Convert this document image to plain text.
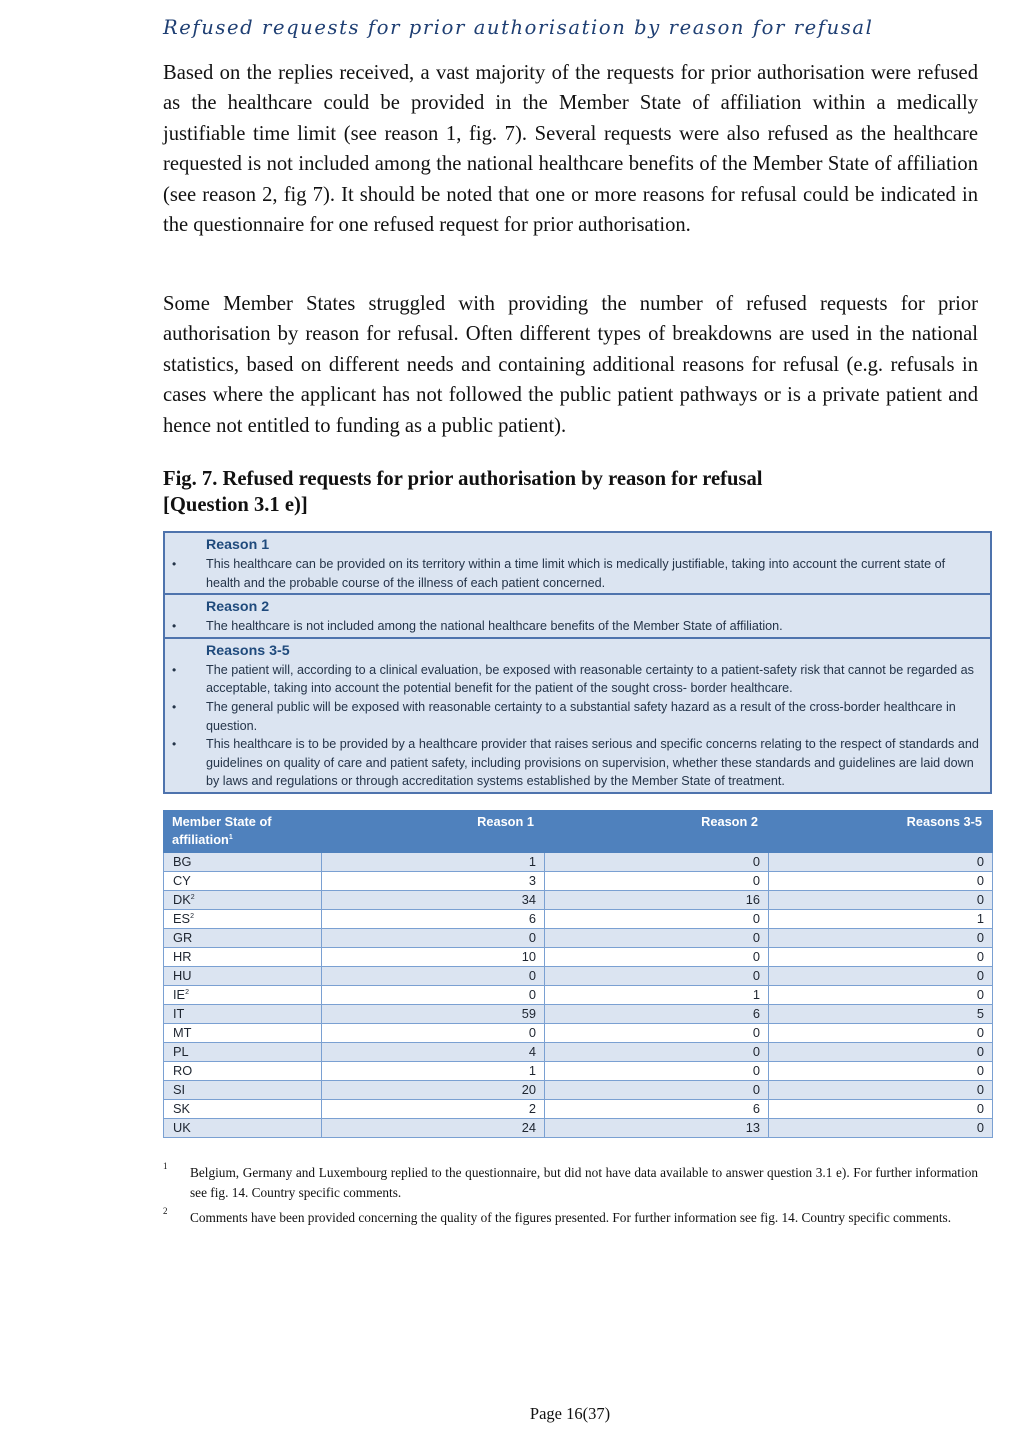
Refused requests for prior authorisation by reason for refusal

Based on the replies received, a vast majority of the requests for prior authorisation were refused as the healthcare could be provided in the Member State of affiliation within a medically justifiable time limit (see reason 1, fig. 7). Several requests were also refused as the healthcare requested is not included among the national healthcare benefits of the Member State of affiliation (see reason 2, fig 7). It should be noted that one or more reasons for refusal could be indicated in the questionnaire for one refused request for prior authorisation.

Some Member States struggled with providing the number of refused requests for prior authorisation by reason for refusal. Often different types of breakdowns are used in the national statistics, based on different needs and containing additional reasons for refusal (e.g. refusals in cases where the applicant has not followed the public patient pathways or is a private patient and hence not entitled to funding as a public patient).

Fig. 7. Refused requests for prior authorisation by reason for refusal
[Question 3.1 e)]
Reason 1
• This healthcare can be provided on its territory within a time limit which is medically justifiable, taking into account the current state of health and the probable course of the illness of each patient concerned.
Reason 2
• The healthcare is not included among the national healthcare benefits of the Member State of affiliation.
Reasons 3-5
• The patient will, according to a clinical evaluation, be exposed with reasonable certainty to a patient-safety risk that cannot be regarded as acceptable, taking into account the potential benefit for the patient of the sought cross- border healthcare.
• The general public will be exposed with reasonable certainty to a substantial safety hazard as a result of the cross-border healthcare in question.
• This healthcare is to be provided by a healthcare provider that raises serious and specific concerns relating to the respect of standards and guidelines on quality of care and patient safety, including provisions on supervision, whether these standards and guidelines are laid down by laws and regulations or through accreditation systems established by the Member State of treatment.
Member State of affiliation$^1$	Reason 1	Reason 2	Reasons 3-5
BG	1	0	0
CY	3	0	0
$DK^2$	34	16	0
$ES^2$	6	0	1
GR	0	0	0
HR	10	0	0
HU	0	0	0
$IE^2$	0	1	0
IT	59	6	5
MT	0	0	0
PL	4	0	0
RO	1	0	0
SI	20	0	0
SK	2	6	0
UK	24	13	0

1 Belgium, Germany and Luxembourg replied to the questionnaire, but did not have data available to answer question 3.1 e). For further information see fig. 14. Country specific comments.

2 Comments have been provided concerning the quality of the figures presented. For further information see fig. 14. Country specific comments.

Page 16(37)
